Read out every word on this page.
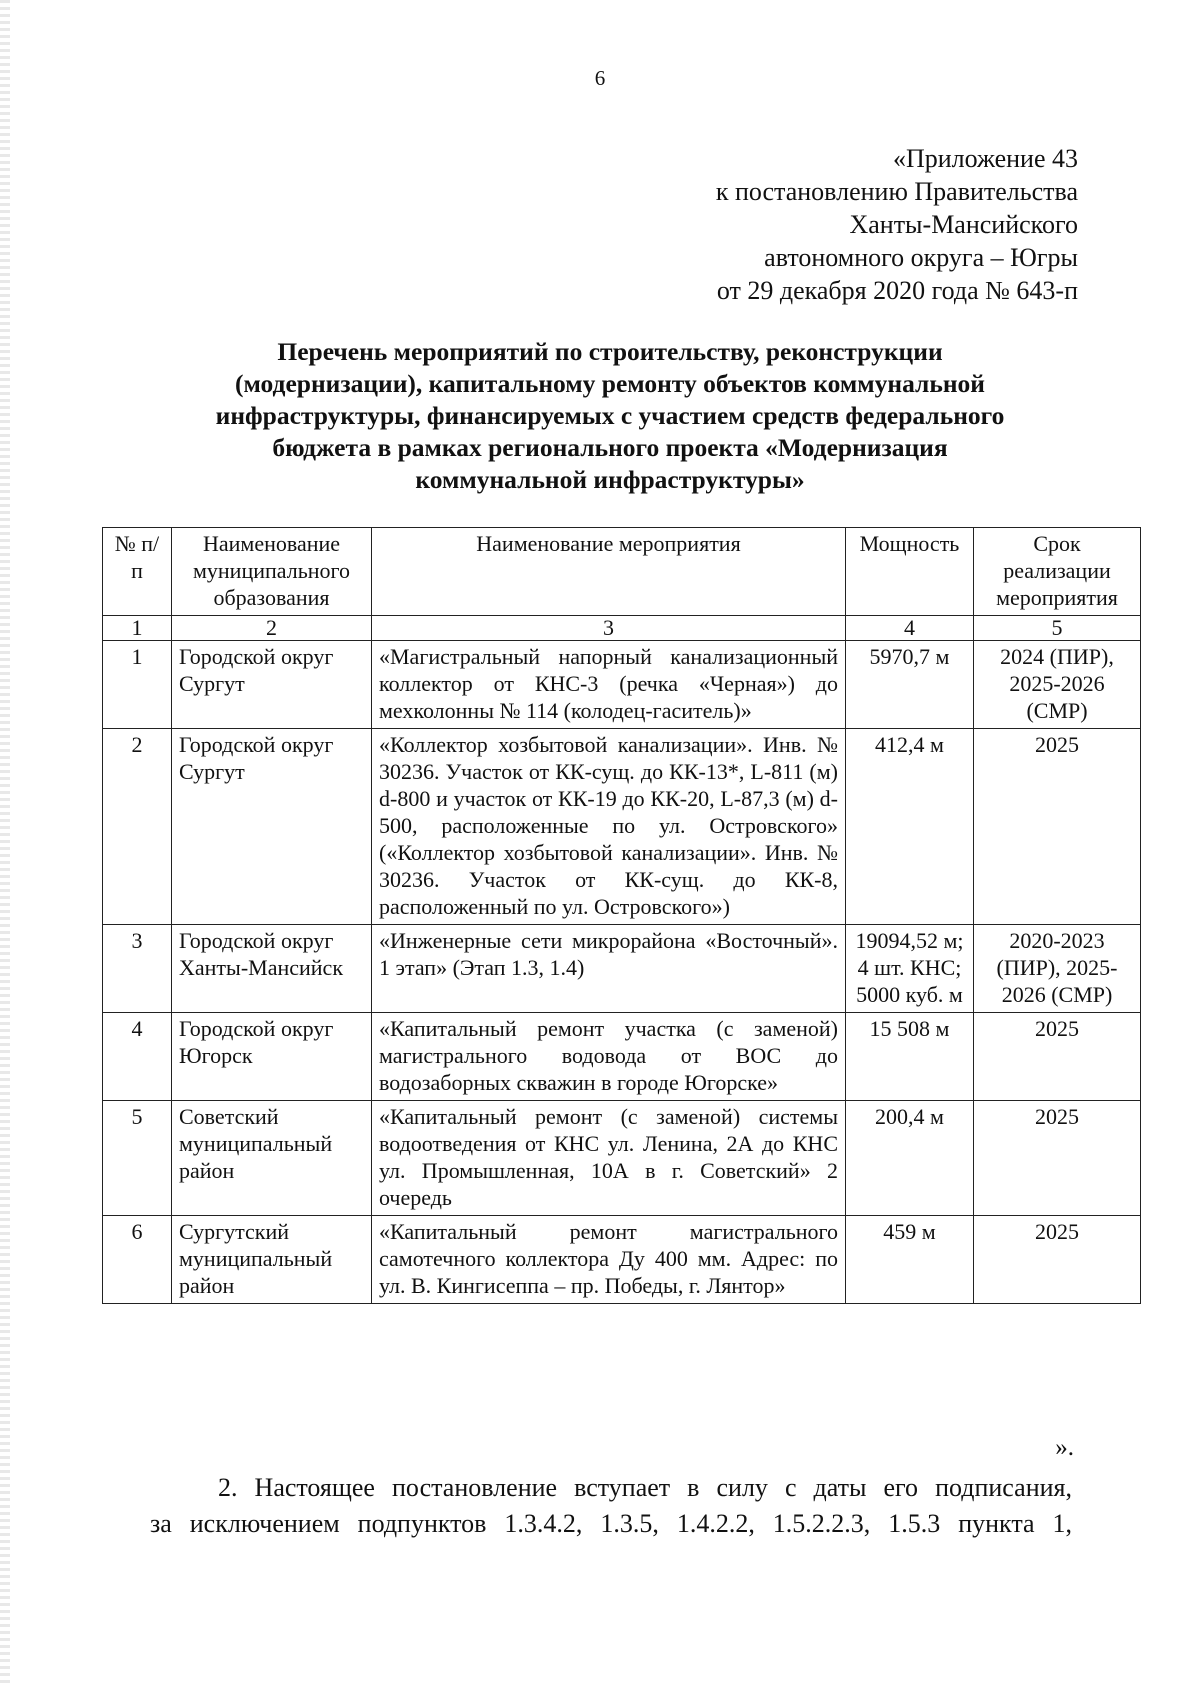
6
«Приложение 43
к постановлению Правительства
Ханты-Мансийского
автономного округа – Югры
от 29 декабря 2020 года № 643-п
Перечень мероприятий по строительству, реконструкции
(модернизации), капитальному ремонту объектов коммунальной
инфраструктуры, финансируемых с участием средств федерального
бюджета в рамках регионального проекта «Модернизация
коммунальной инфраструктуры»
№ п/п	Наименование муниципального образования	Наименование мероприятия	Мощность	Срок реализации мероприятия
1	2	3	4	5
1	Городской округ Сургут	«Магистральный напорный канализационный коллектор от КНС-3 (речка «Черная») до мехколонны № 114 (колодец-гаситель)»	5970,7 м	2024 (ПИР), 2025-2026 (СМР)
2	Городской округ Сургут	«Коллектор хозбытовой канализации». Инв. № 30236. Участок от КК-сущ. до КК-13*, L-811 (м) d-800 и участок от КК-19 до КК-20, L-87,3 (м) d-500, расположенные по ул. Островского» («Коллектор хозбытовой канализации». Инв. № 30236. Участок от КК-сущ. до КК-8, расположенный по ул. Островского»)	412,4 м	2025
3	Городской округ Ханты-Мансийск	«Инженерные сети микрорайона «Восточный». 1 этап» (Этап 1.3, 1.4)	19094,52 м; 4 шт. КНС; 5000 куб. м	2020-2023 (ПИР), 2025-2026 (СМР)
4	Городской округ Югорск	«Капитальный ремонт участка (с заменой) магистрального водовода от ВОС до водозаборных скважин в городе Югорске»	15 508 м	2025
5	Советский муниципальный район	«Капитальный ремонт (с заменой) системы водоотведения от КНС ул. Ленина, 2А до КНС ул. Промышленная, 10А в г. Советский» 2 очередь	200,4 м	2025
6	Сургутский муниципальный район	«Капитальный ремонт магистрального самотечного коллектора Ду 400 мм. Адрес: по ул. В. Кингисеппа – пр. Победы, г. Лянтор»	459 м	2025
».
2. Настоящее постановление вступает в силу с даты его подписания,
за исключением подпунктов 1.3.4.2, 1.3.5, 1.4.2.2, 1.5.2.2.3, 1.5.3 пункта 1,
